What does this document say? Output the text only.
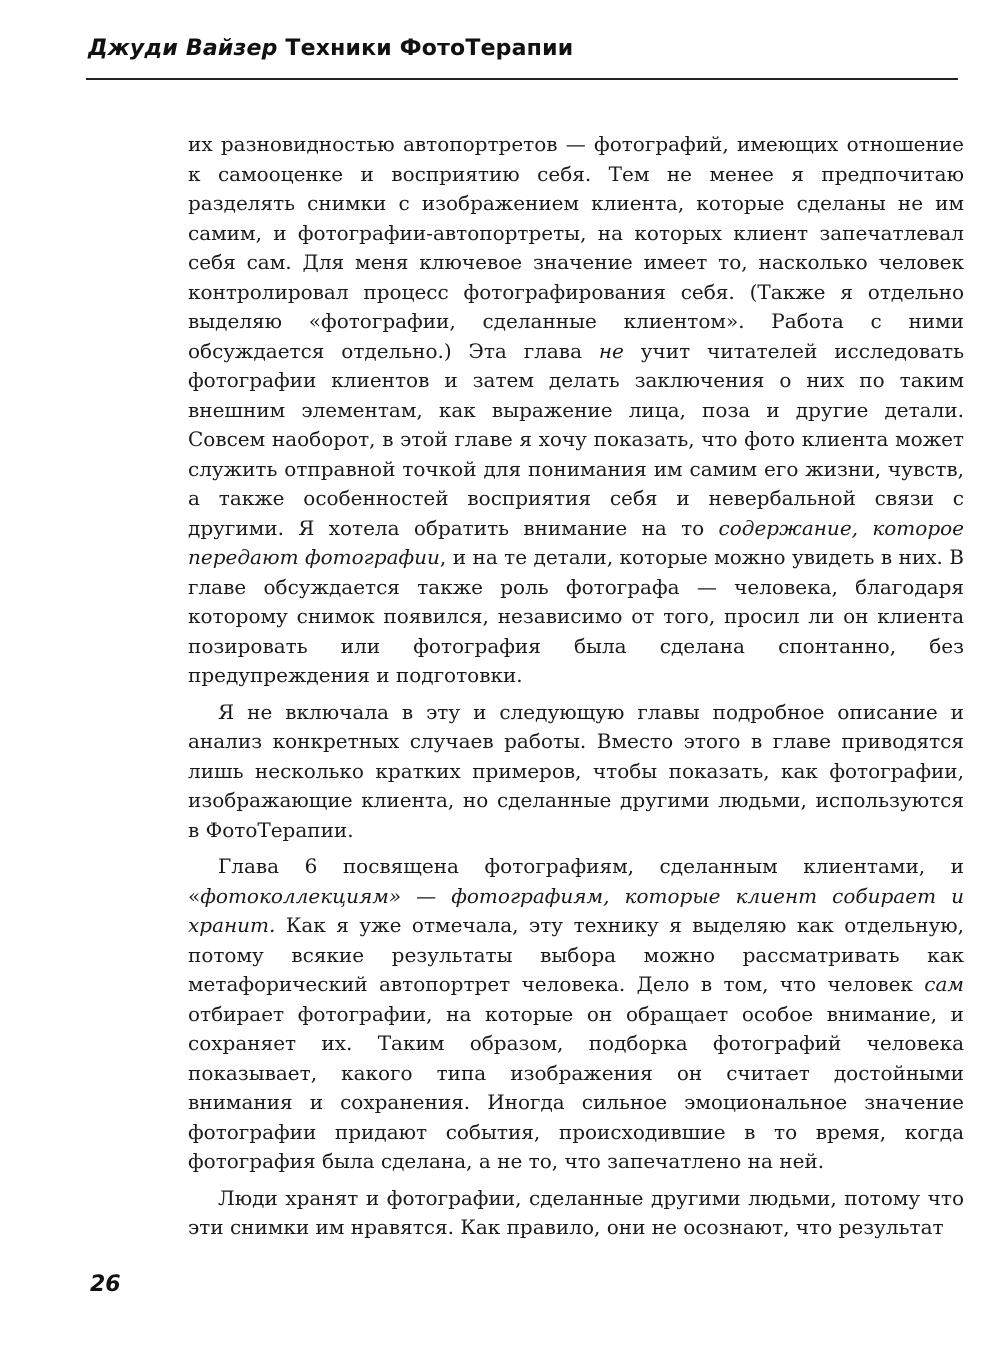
Джуди Вайзер Техники ФотоТерапии

их разновидностью автопортретов — фотографий, имеющих отношение к самооценке и восприятию себя. Тем не менее я предпочитаю разделять снимки с изображением клиента, которые сделаны не им самим, и фотографии-автопортреты, на которых клиент запечатлевал себя сам. Для меня ключевое значение имеет то, насколько человек контролировал процесс фотографирования себя. (Также я отдельно выделяю «фотографии, сделанные клиентом». Работа с ними обсуждается отдельно.) Эта глава не учит читателей исследовать фотографии клиентов и затем делать заключения о них по таким внешним элементам, как выражение лица, поза и другие детали. Совсем наоборот, в этой главе я хочу показать, что фото клиента может служить отправной точкой для понимания им самим его жизни, чувств, а также особенностей восприятия себя и невербальной связи с другими. Я хотела обратить внимание на то содержание, которое передают фотографии, и на те детали, которые можно увидеть в них. В главе обсуждается также роль фотографа — человека, благодаря которому снимок появился, независимо от того, просил ли он клиента позировать или фотография была сделана спонтанно, без предупреждения и подготовки.

Я не включала в эту и следующую главы подробное описание и анализ конкретных случаев работы. Вместо этого в главе приводятся лишь несколько кратких примеров, чтобы показать, как фотографии, изображающие клиента, но сделанные другими людьми, используются в ФотоТерапии.

Глава 6 посвящена фотографиям, сделанным клиентами, и «фотоколлекциям» — фотографиям, которые клиент собирает и хранит. Как я уже отмечала, эту технику я выделяю как отдельную, потому всякие результаты выбора можно рассматривать как метафорический автопортрет человека. Дело в том, что человек сам отбирает фотографии, на которые он обращает особое внимание, и сохраняет их. Таким образом, подборка фотографий человека показывает, какого типа изображения он считает достойными внимания и сохранения. Иногда сильное эмоциональное значение фотографии придают события, происходившие в то время, когда фотография была сделана, а не то, что запечатлено на ней.

Люди хранят и фотографии, сделанные другими людьми, потому что эти снимки им нравятся. Как правило, они не осознают, что результат

26
